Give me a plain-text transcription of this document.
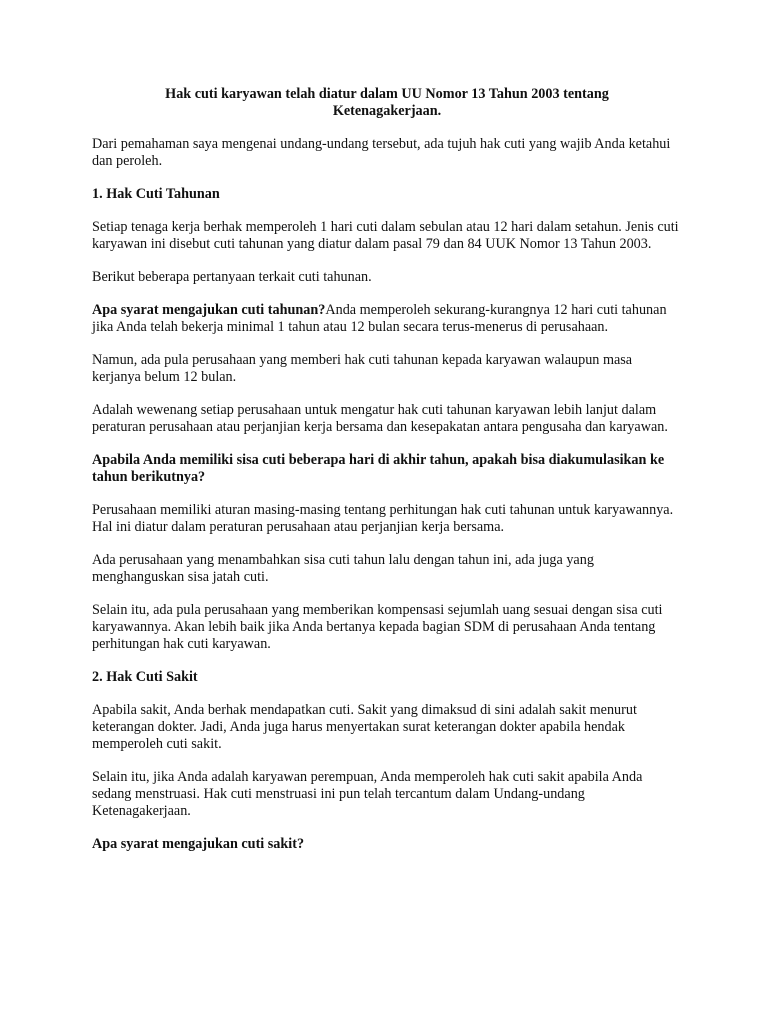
Hak cuti karyawan telah diatur dalam UU Nomor 13 Tahun 2003 tentang
Ketenagakerjaan.

Dari pemahaman saya mengenai undang-undang tersebut, ada tujuh hak cuti yang wajib Anda ketahui dan peroleh.

1. Hak Cuti Tahunan

Setiap tenaga kerja berhak memperoleh 1 hari cuti dalam sebulan atau 12 hari dalam setahun. Jenis cuti karyawan ini disebut cuti tahunan yang diatur dalam pasal 79 dan 84 UUK Nomor 13 Tahun 2003.

Berikut beberapa pertanyaan terkait cuti tahunan.

Apa syarat mengajukan cuti tahunan?Anda memperoleh sekurang-kurangnya 12 hari cuti tahunan jika Anda telah bekerja minimal 1 tahun atau 12 bulan secara terus-menerus di perusahaan.

Namun, ada pula perusahaan yang memberi hak cuti tahunan kepada karyawan walaupun masa kerjanya belum 12 bulan.

Adalah wewenang setiap perusahaan untuk mengatur hak cuti tahunan karyawan lebih lanjut dalam peraturan perusahaan atau perjanjian kerja bersama dan kesepakatan antara pengusaha dan karyawan.

Apabila Anda memiliki sisa cuti beberapa hari di akhir tahun, apakah bisa diakumulasikan ke tahun berikutnya?

Perusahaan memiliki aturan masing-masing tentang perhitungan hak cuti tahunan untuk karyawannya. Hal ini diatur dalam peraturan perusahaan atau perjanjian kerja bersama.

Ada perusahaan yang menambahkan sisa cuti tahun lalu dengan tahun ini, ada juga yang menghanguskan sisa jatah cuti.

Selain itu, ada pula perusahaan yang memberikan kompensasi sejumlah uang sesuai dengan sisa cuti karyawannya. Akan lebih baik jika Anda bertanya kepada bagian SDM di perusahaan Anda tentang perhitungan hak cuti karyawan.

2. Hak Cuti Sakit

Apabila sakit, Anda berhak mendapatkan cuti. Sakit yang dimaksud di sini adalah sakit menurut keterangan dokter. Jadi, Anda juga harus menyertakan surat keterangan dokter apabila hendak memperoleh cuti sakit.

Selain itu, jika Anda adalah karyawan perempuan, Anda memperoleh hak cuti sakit apabila Anda sedang menstruasi. Hak cuti menstruasi ini pun telah tercantum dalam Undang-undang Ketenagakerjaan.

Apa syarat mengajukan cuti sakit?
